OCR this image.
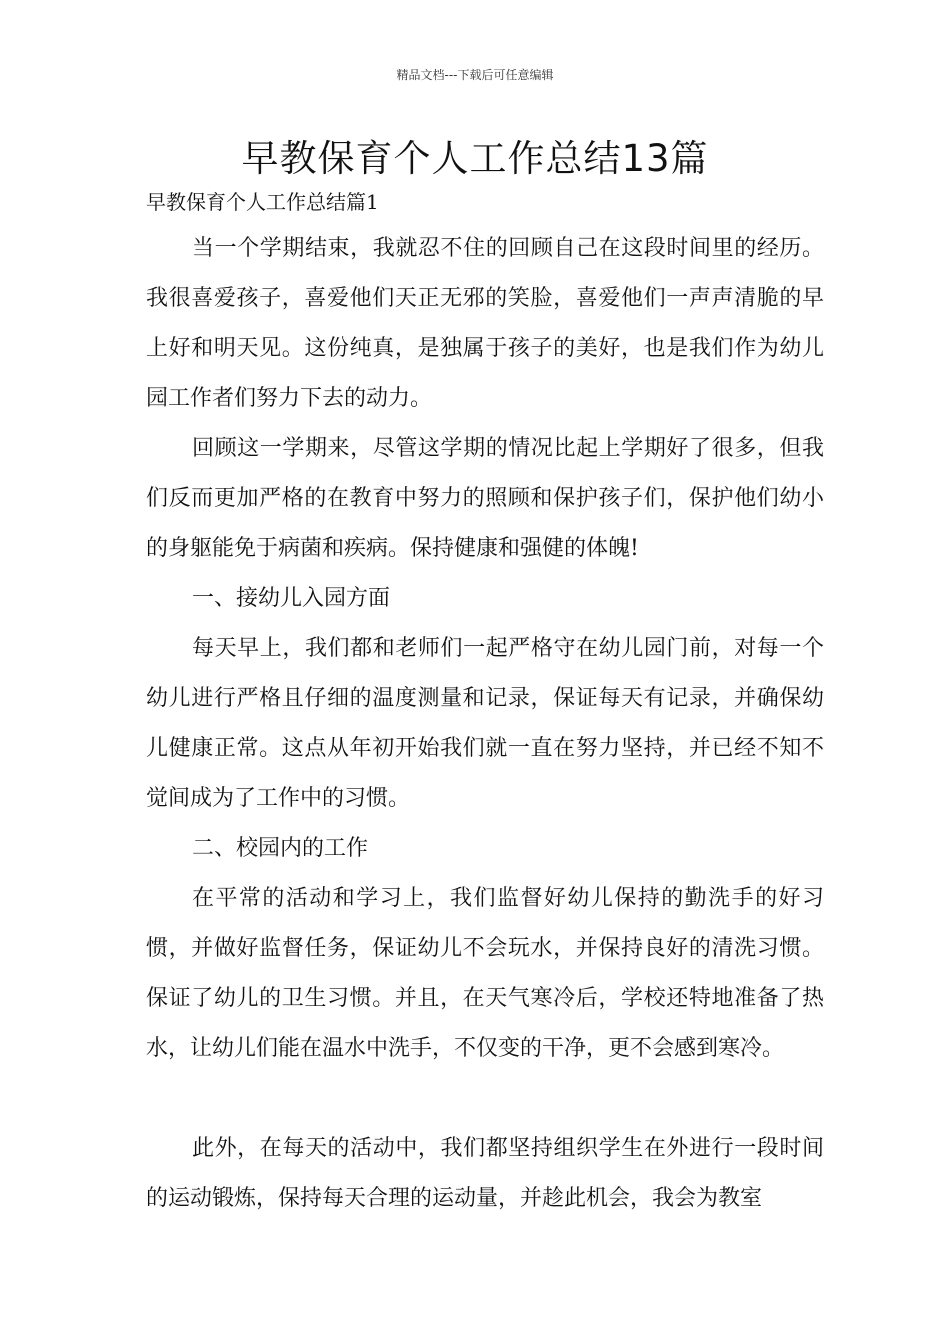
精品文档---下载后可任意编辑
早教保育个人工作总结13篇
早教保育个人工作总结篇1

当一个学期结束，我就忍不住的回顾自己在这段时间里的经历。我很喜爱孩子，喜爱他们天正无邪的笑脸，喜爱他们一声声清脆的早上好和明天见。这份纯真，是独属于孩子的美好，也是我们作为幼儿园工作者们努力下去的动力。

回顾这一学期来，尽管这学期的情况比起上学期好了很多，但我们反而更加严格的在教育中努力的照顾和保护孩子们，保护他们幼小的身躯能免于病菌和疾病。保持健康和强健的体魄!

一、接幼儿入园方面

每天早上，我们都和老师们一起严格守在幼儿园门前，对每一个幼儿进行严格且仔细的温度测量和记录，保证每天有记录，并确保幼儿健康正常。这点从年初开始我们就一直在努力坚持，并已经不知不觉间成为了工作中的习惯。

二、校园内的工作

在平常的活动和学习上，我们监督好幼儿保持的勤洗手的好习惯，并做好监督任务，保证幼儿不会玩水，并保持良好的清洗习惯。保证了幼儿的卫生习惯。并且，在天气寒冷后，学校还特地准备了热水，让幼儿们能在温水中洗手，不仅变的干净，更不会感到寒冷。

此外，在每天的活动中，我们都坚持组织学生在外进行一段时间的运动锻炼，保持每天合理的运动量，并趁此机会，我会为教室
